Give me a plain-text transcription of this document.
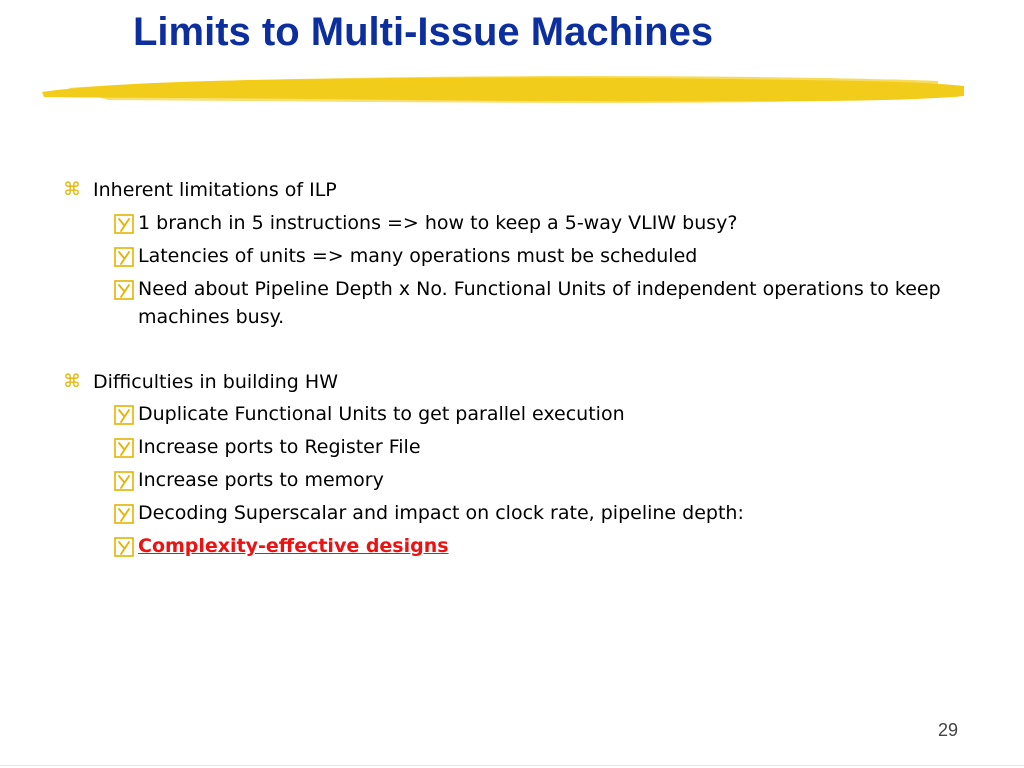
Limits to Multi-Issue Machines
⌘ Inherent limitations of ILP
1 branch in 5 instructions => how to keep a 5-way VLIW busy?
Latencies of units => many operations must be scheduled
Need about Pipeline Depth x No. Functional Units of independent operations to keep machines busy.
⌘ Difficulties in building HW
Duplicate Functional Units to get parallel execution
Increase ports to Register File
Increase ports to memory
Decoding Superscalar and impact on clock rate, pipeline depth:
Complexity-effective designs
29
